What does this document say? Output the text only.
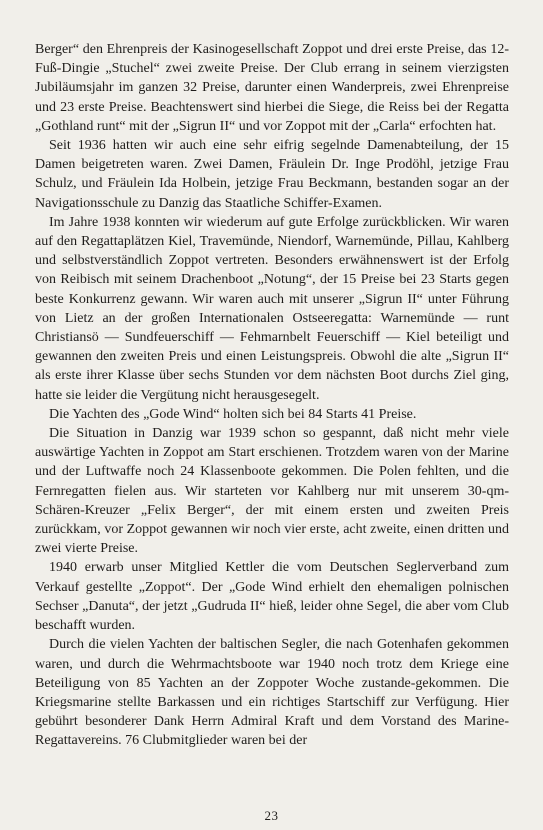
Berger“ den Ehrenpreis der Kasinogesellschaft Zoppot und drei erste Preise, das 12-Fuß-Dingie „Stuchel“ zwei zweite Preise. Der Club errang in seinem vierzigsten Jubiläumsjahr im ganzen 32 Preise, darunter einen Wanderpreis, zwei Ehrenpreise und 23 erste Preise. Beachtenswert sind hierbei die Siege, die Reiss bei der Regatta „Gothland runt“ mit der „Sigrun II“ und vor Zoppot mit der „Carla“ erfochten hat.

Seit 1936 hatten wir auch eine sehr eifrig segelnde Damenabteilung, der 15 Damen beigetreten waren. Zwei Damen, Fräulein Dr. Inge Prodöhl, jetzige Frau Schulz, und Fräulein Ida Holbein, jetzige Frau Beckmann, bestanden sogar an der Navigationsschule zu Danzig das Staatliche Schiffer-Examen.

Im Jahre 1938 konnten wir wiederum auf gute Erfolge zurückblicken. Wir waren auf den Regattaplätzen Kiel, Travemünde, Niendorf, Warnemünde, Pillau, Kahlberg und selbstverständlich Zoppot vertreten. Besonders erwähnenswert ist der Erfolg von Reibisch mit seinem Drachenboot „Notung“, der 15 Preise bei 23 Starts gegen beste Konkurrenz gewann. Wir waren auch mit unserer „Sigrun II“ unter Führung von Lietz an der großen Internationalen Ostseeregatta: Warnemünde — runt Christiansö — Sundfeuerschiff — Fehmarnbelt Feuerschiff — Kiel beteiligt und gewannen den zweiten Preis und einen Leistungspreis. Obwohl die alte „Sigrun II“ als erste ihrer Klasse über sechs Stunden vor dem nächsten Boot durchs Ziel ging, hatte sie leider die Vergütung nicht herausgesegelt.

Die Yachten des „Gode Wind“ holten sich bei 84 Starts 41 Preise.

Die Situation in Danzig war 1939 schon so gespannt, daß nicht mehr viele auswärtige Yachten in Zoppot am Start erschienen. Trotzdem waren von der Marine und der Luftwaffe noch 24 Klassenboote gekommen. Die Polen fehlten, und die Fernregatten fielen aus. Wir starteten vor Kahlberg nur mit unserem 30-qm-Schären-Kreuzer „Felix Berger“, der mit einem ersten und zweiten Preis zurückkam, vor Zoppot gewannen wir noch vier erste, acht zweite, einen dritten und zwei vierte Preise.

1940 erwarb unser Mitglied Kettler die vom Deutschen Seglerverband zum Verkauf gestellte „Zoppot“. Der „Gode Wind erhielt den ehemaligen polnischen Sechser „Danuta“, der jetzt „Gudruda II“ hieß, leider ohne Segel, die aber vom Club beschafft wurden.

Durch die vielen Yachten der baltischen Segler, die nach Gotenhafen gekommen waren, und durch die Wehrmachtsboote war 1940 noch trotz dem Kriege eine Beteiligung von 85 Yachten an der Zoppoter Woche zustande-gekommen. Die Kriegsmarine stellte Barkassen und ein richtiges Startschiff zur Verfügung. Hier gebührt besonderer Dank Herrn Admiral Kraft und dem Vorstand des Marine-Regattavereins. 76 Clubmitglieder waren bei der

23
